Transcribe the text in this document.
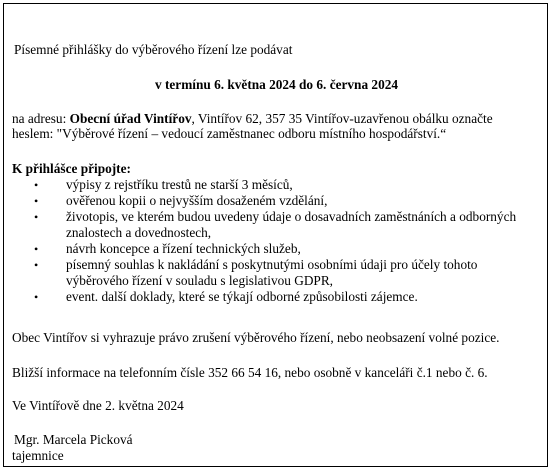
Písemné přihlášky do výběrového řízení lze podávat
v termínu 6. května 2024 do 6. června 2024
na adresu: Obecní úřad Vintířov, Vintířov 62, 357 35 Vintířov-uzavřenou obálku označte
heslem: "Výběrové řízení – vedoucí zaměstnanec odboru místního hospodářství.“
K přihlášce připojte:
• výpisy z rejstříku trestů ne starší 3 měsíců,
• ověřenou kopii o nejvyšším dosaženém vzdělání,
• životopis, ve kterém budou uvedeny údaje o dosavadních zaměstnáních a odborných znalostech a dovednostech,
• návrh koncepce a řízení technických služeb,
• písemný souhlas k nakládání s poskytnutými osobními údaji pro účely tohoto výběrového řízení v souladu s legislativou GDPR,
• event. další doklady, které se týkají odborné způsobilosti zájemce.
Obec Vintířov si vyhrazuje právo zrušení výběrového řízení, nebo neobsazení volné pozice.
Bližší informace na telefonním čísle 352 66 54 16, nebo osobně v kanceláři č.1 nebo č. 6.
Ve Vintířově dne 2. května 2024
Mgr. Marcela Picková
tajemnice
